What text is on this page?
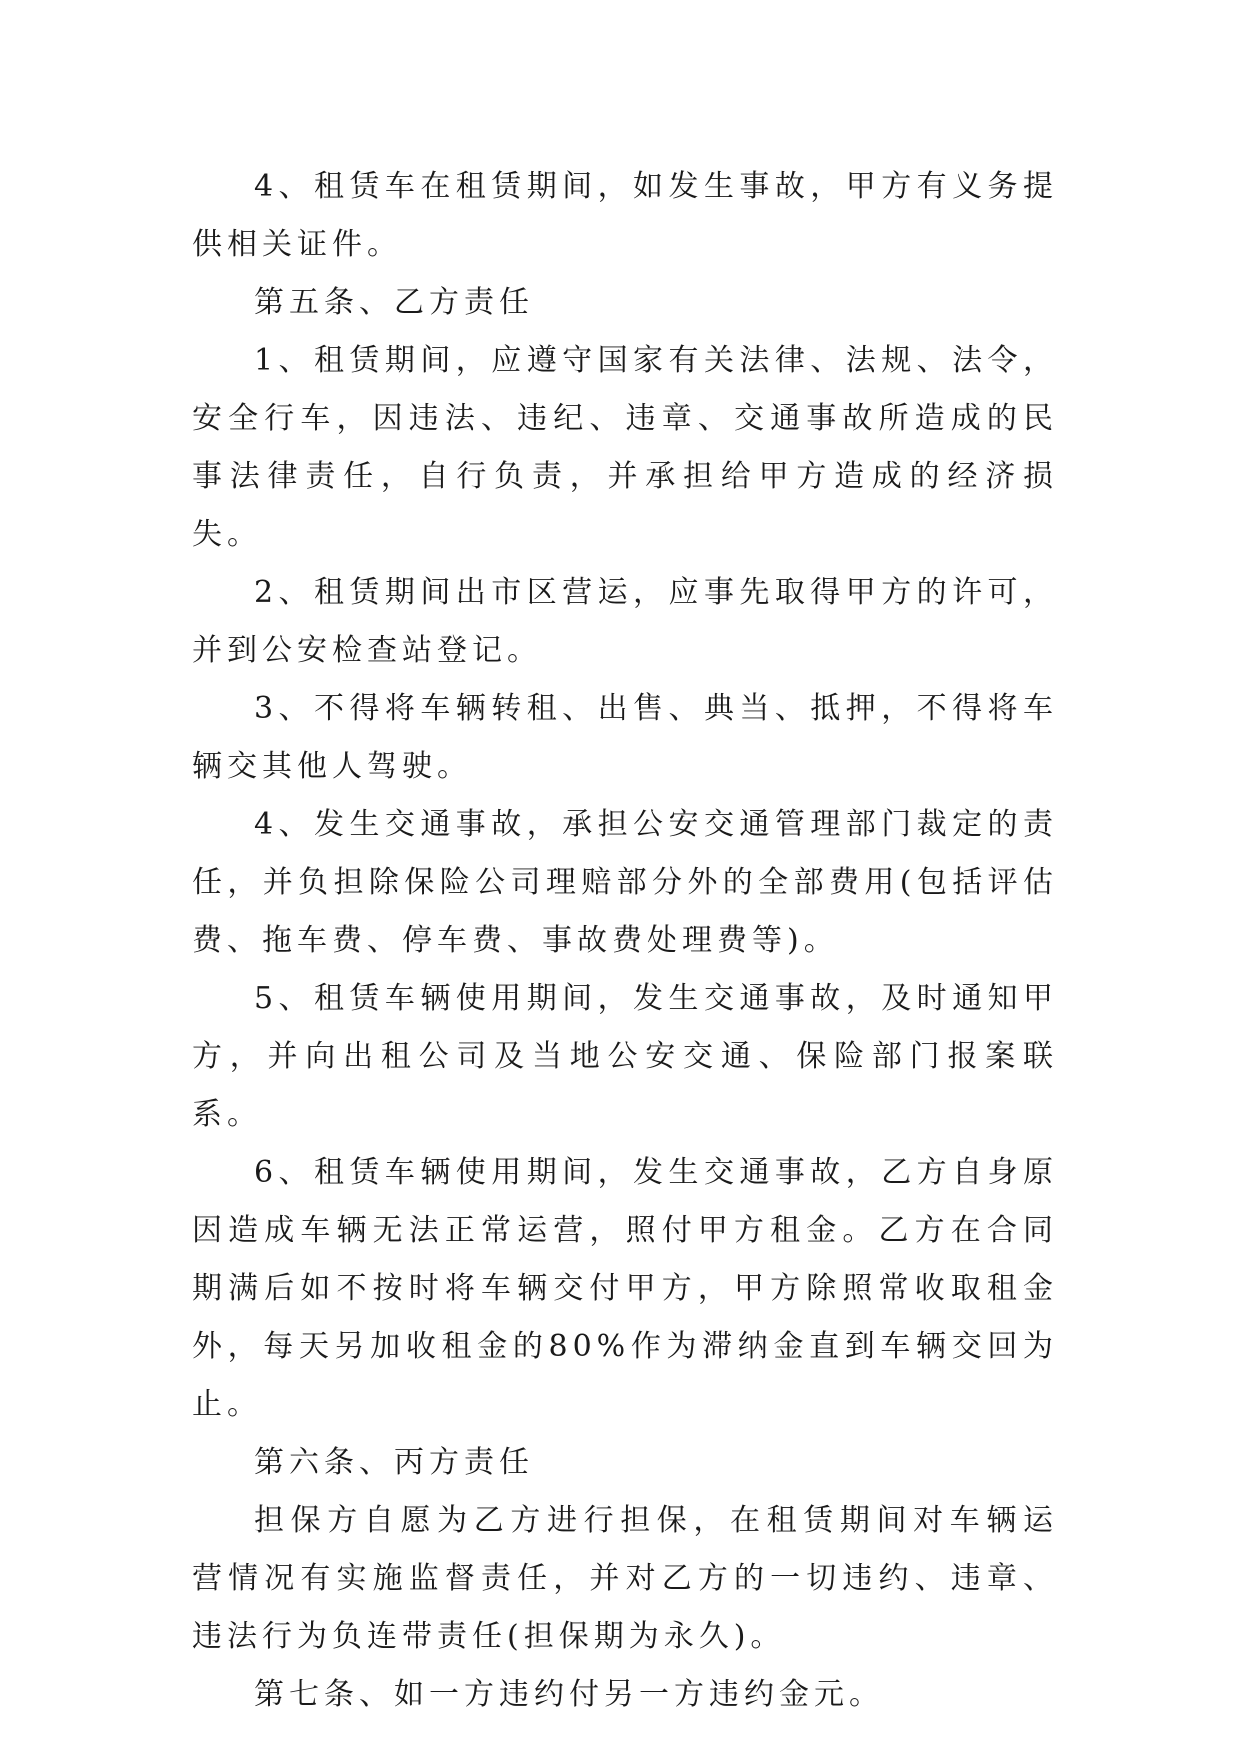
4、租赁车在租赁期间，如发生事故，甲方有义务提供相关证件。

第五条、乙方责任

1、租赁期间，应遵守国家有关法律、法规、法令，安全行车，因违法、违纪、违章、交通事故所造成的民事法律责任，自行负责，并承担给甲方造成的经济损失。

2、租赁期间出市区营运，应事先取得甲方的许可，并到公安检查站登记。

3、不得将车辆转租、出售、典当、抵押，不得将车辆交其他人驾驶。

4、发生交通事故，承担公安交通管理部门裁定的责任，并负担除保险公司理赔部分外的全部费用(包括评估费、拖车费、停车费、事故费处理费等)。

5、租赁车辆使用期间，发生交通事故，及时通知甲方，并向出租公司及当地公安交通、保险部门报案联系。

6、租赁车辆使用期间，发生交通事故，乙方自身原因造成车辆无法正常运营，照付甲方租金。乙方在合同期满后如不按时将车辆交付甲方，甲方除照常收取租金外，每天另加收租金的80%作为滞纳金直到车辆交回为止。

第六条、丙方责任

担保方自愿为乙方进行担保，在租赁期间对车辆运营情况有实施监督责任，并对乙方的一切违约、违章、违法行为负连带责任(担保期为永久)。

第七条、如一方违约付另一方违约金元。
